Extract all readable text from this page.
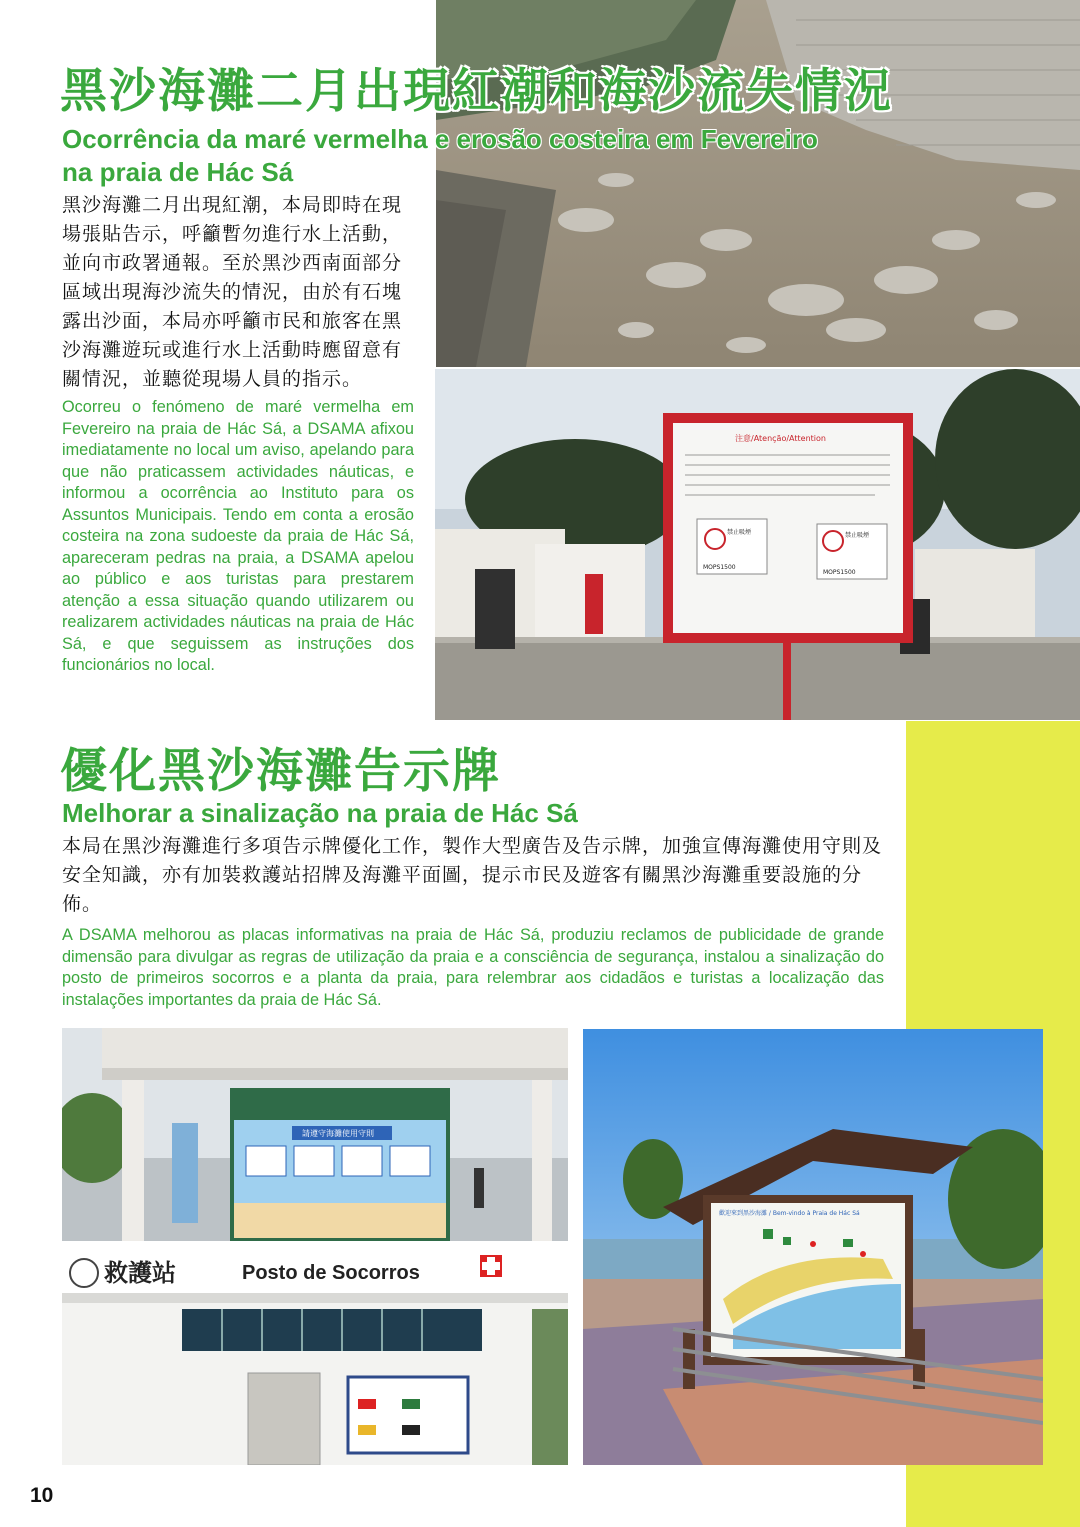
注意/Atenção/Attention
禁止吸煙	禁止吸煙
MOPS1500
MOPS1500
黑沙海灘二月出現紅潮和海沙流失情況
Ocorrência da maré vermelha e erosão costeira em Fevereiro
na praia de Hác Sá

黑沙海灘二月出現紅潮，本局即時在現場張貼告示，呼籲暫勿進行水上活動，並向市政署通報。至於黑沙西南面部分區域出現海沙流失的情況，由於有石塊露出沙面，本局亦呼籲市民和旅客在黑沙海灘遊玩或進行水上活動時應留意有關情況，並聽從現場人員的指示。

Ocorreu o fenómeno de maré vermelha em Fevereiro na praia de Hác Sá, a DSAMA afixou imediatamente no local um aviso, apelando para que não praticassem actividades náuticas, e informou a ocorrência ao Instituto para os Assuntos Municipais. Tendo em conta a erosão costeira na zona sudoeste da praia de Hác Sá, apareceram pedras na praia, a DSAMA apelou ao público e aos turistas para prestarem atenção a essa situação quando utilizarem ou realizarem actividades náuticas na praia de Hác Sá, e que seguissem as instruções dos funcionários no local.

優化黑沙海灘告示牌
Melhorar a sinalização na praia de Hác Sá

本局在黑沙海灘進行多項告示牌優化工作，製作大型廣告及告示牌，加強宣傳海灘使用守則及安全知識，亦有加裝救護站招牌及海灘平面圖，提示市民及遊客有關黑沙海灘重要設施的分佈。

A DSAMA melhorou as placas informativas na praia de Hác Sá, produziu reclamos de publicidade de grande dimensão para divulgar as regras de utilização da praia e a consciência de segurança, instalou a sinalização do posto de primeiros socorros e a planta da praia, para relembrar aos cidadãos e turistas a localização das instalações importantes da praia de Hác Sá.

請遵守海灘使用守則
救護站	Posto de Socorros
歡迎來到黑沙海灘 / Bem-vindo à Praia de Hác Sá
10
